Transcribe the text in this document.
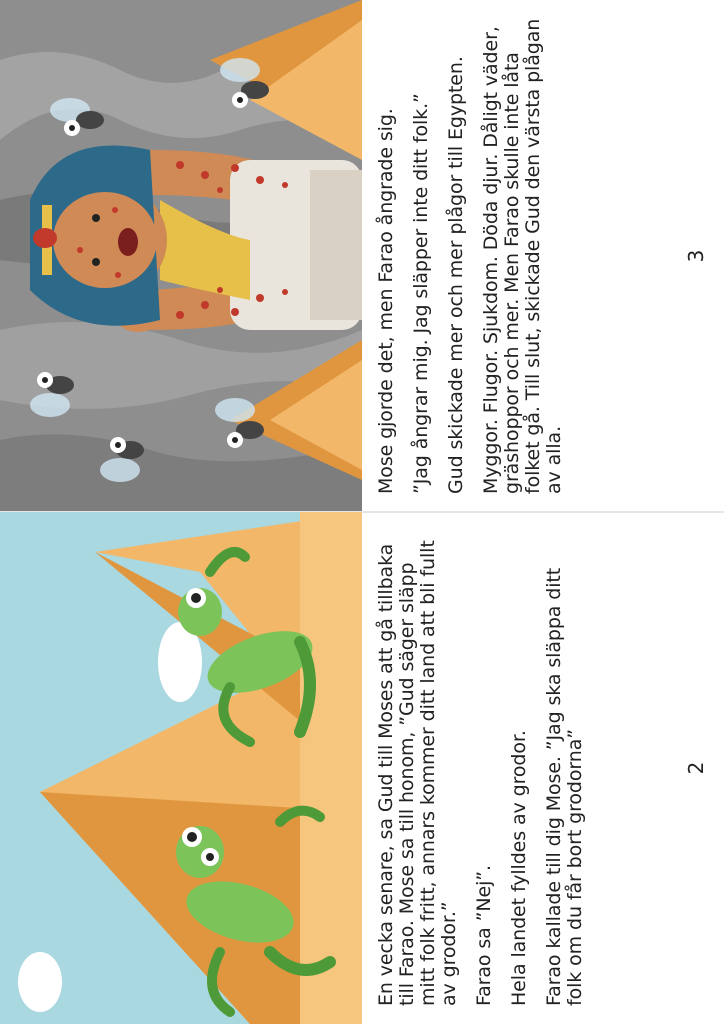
Mose gjorde det, men Farao ångrade sig. ”Jag ångrar mig. Jag släpper inte ditt folk.” Gud skickade mer och mer plågor till Egypten. Myggor. Flugor. Sjukdom. Döda djur. Dåligt väder, gräshoppor och mer. Men Farao skulle inte låta folket gå. Till slut, skickade Gud den värsta plågan av alla.

3

En vecka senare, sa Gud till Moses att gå tillbaka till Farao. Mose sa till honom, ”Gud säger släpp mitt folk fritt, annars kommer ditt land att bli fullt av grodor.” Farao sa ”Nej”. Hela landet fylldes av grodor. Farao kallade till dig Mose. ”Jag ska släppa ditt folk om du får bort grodorna”	2
